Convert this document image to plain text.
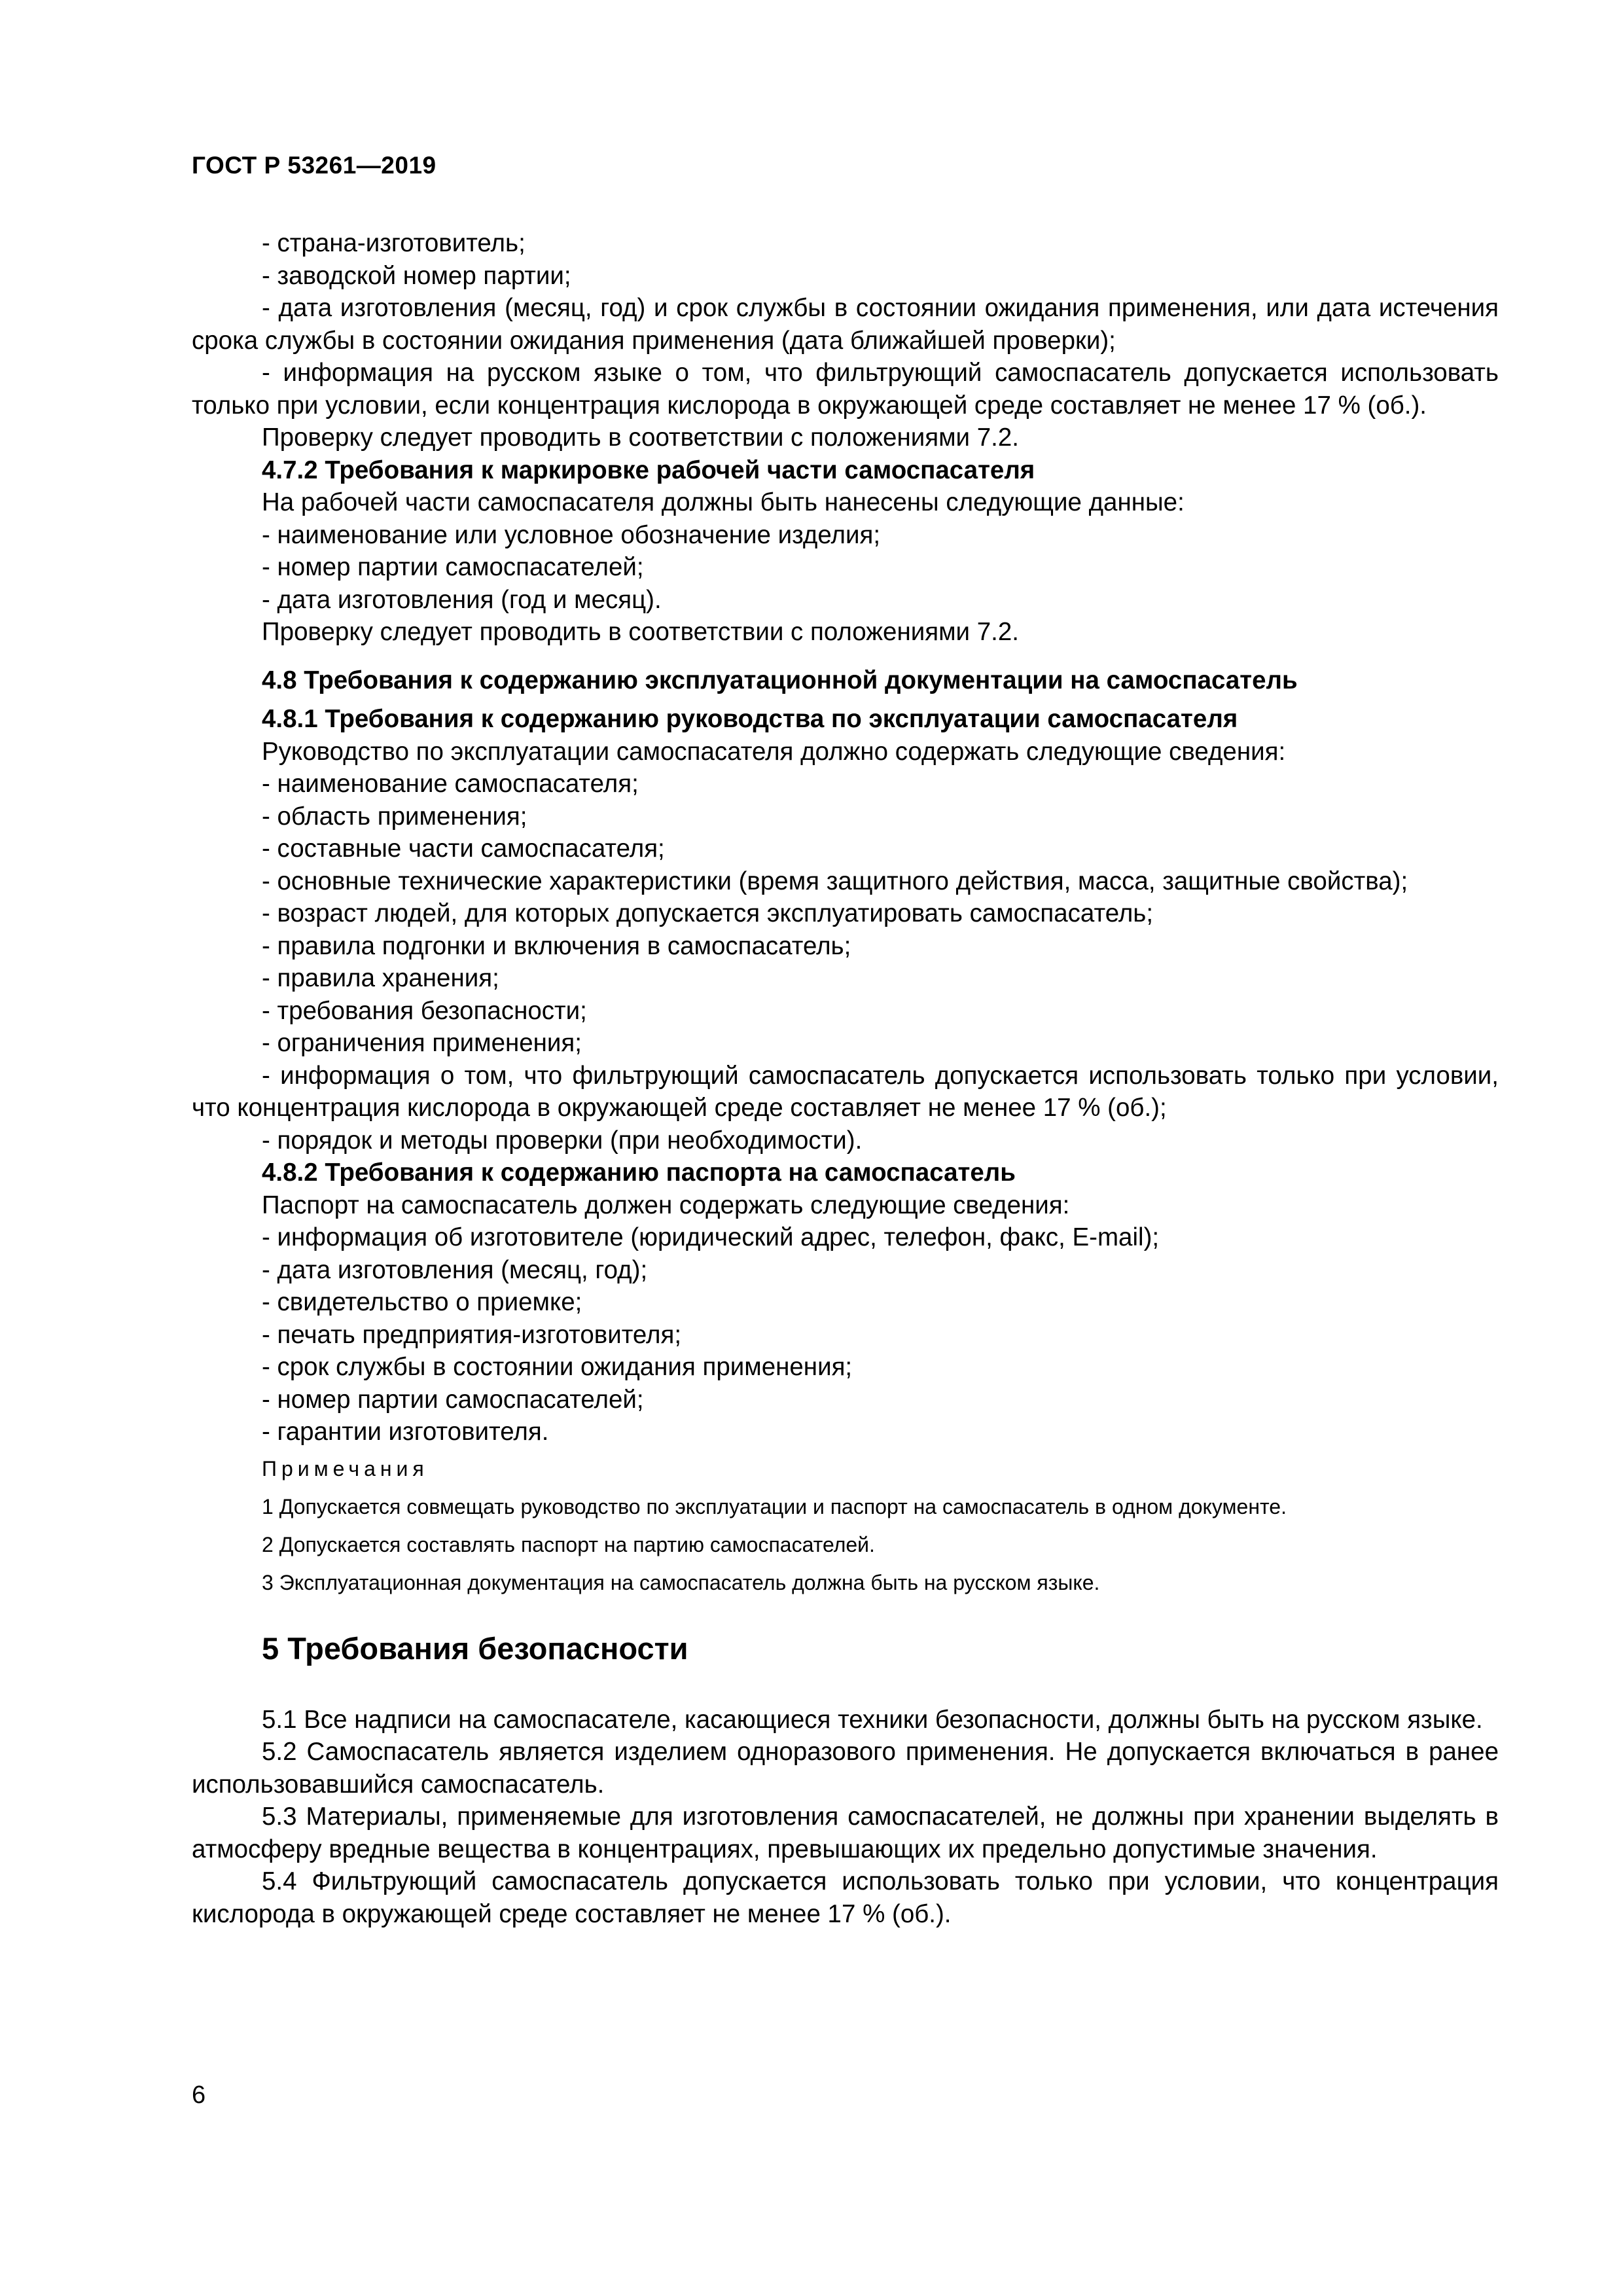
ГОСТ Р 53261—2019

- страна-изготовитель;

- заводской номер партии;

- дата изготовления (месяц, год) и срок службы в состоянии ожидания применения, или дата истечения срока службы в состоянии ожидания применения (дата ближайшей проверки);

- информация на русском языке о том, что фильтрующий самоспасатель допускается использовать только при условии, если концентрация кислорода в окружающей среде составляет не менее 17 % (об.).

Проверку следует проводить в соответствии с положениями 7.2.

4.7.2 Требования к маркировке рабочей части самоспасателя

На рабочей части самоспасателя должны быть нанесены следующие данные:

- наименование или условное обозначение изделия;

- номер партии самоспасателей;

- дата изготовления (год и месяц).

Проверку следует проводить в соответствии с положениями 7.2.

4.8 Требования к содержанию эксплуатационной документации на самоспасатель

4.8.1 Требования к содержанию руководства по эксплуатации самоспасателя

Руководство по эксплуатации самоспасателя должно содержать следующие сведения:

- наименование самоспасателя;

- область применения;

- составные части самоспасателя;

- основные технические характеристики (время защитного действия, масса, защитные свойства);

- возраст людей, для которых допускается эксплуатировать самоспасатель;

- правила подгонки и включения в самоспасатель;

- правила хранения;

- требования безопасности;

- ограничения применения;

- информация о том, что фильтрующий самоспасатель допускается использовать только при условии, что концентрация кислорода в окружающей среде составляет не менее 17 % (об.);

- порядок и методы проверки (при необходимости).

4.8.2 Требования к содержанию паспорта на самоспасатель

Паспорт на самоспасатель должен содержать следующие сведения:

- информация об изготовителе (юридический адрес, телефон, факс, E-mail);

- дата изготовления (месяц, год);

- свидетельство о приемке;

- печать предприятия-изготовителя;

- срок службы в состоянии ожидания применения;

- номер партии самоспасателей;

- гарантии изготовителя.

Примечания

1 Допускается совмещать руководство по эксплуатации и паспорт на самоспасатель в одном документе.

2 Допускается составлять паспорт на партию самоспасателей.

3 Эксплуатационная документация на самоспасатель должна быть на русском языке.

5 Требования безопасности

5.1 Все надписи на самоспасателе, касающиеся техники безопасности, должны быть на русском языке.

5.2 Самоспасатель является изделием одноразового применения. Не допускается включаться в ранее использовавшийся самоспасатель.

5.3 Материалы, применяемые для изготовления самоспасателей, не должны при хранении выделять в атмосферу вредные вещества в концентрациях, превышающих их предельно допустимые значения.

5.4 Фильтрующий самоспасатель допускается использовать только при условии, что концентрация кислорода в окружающей среде составляет не менее 17 % (об.).

6
